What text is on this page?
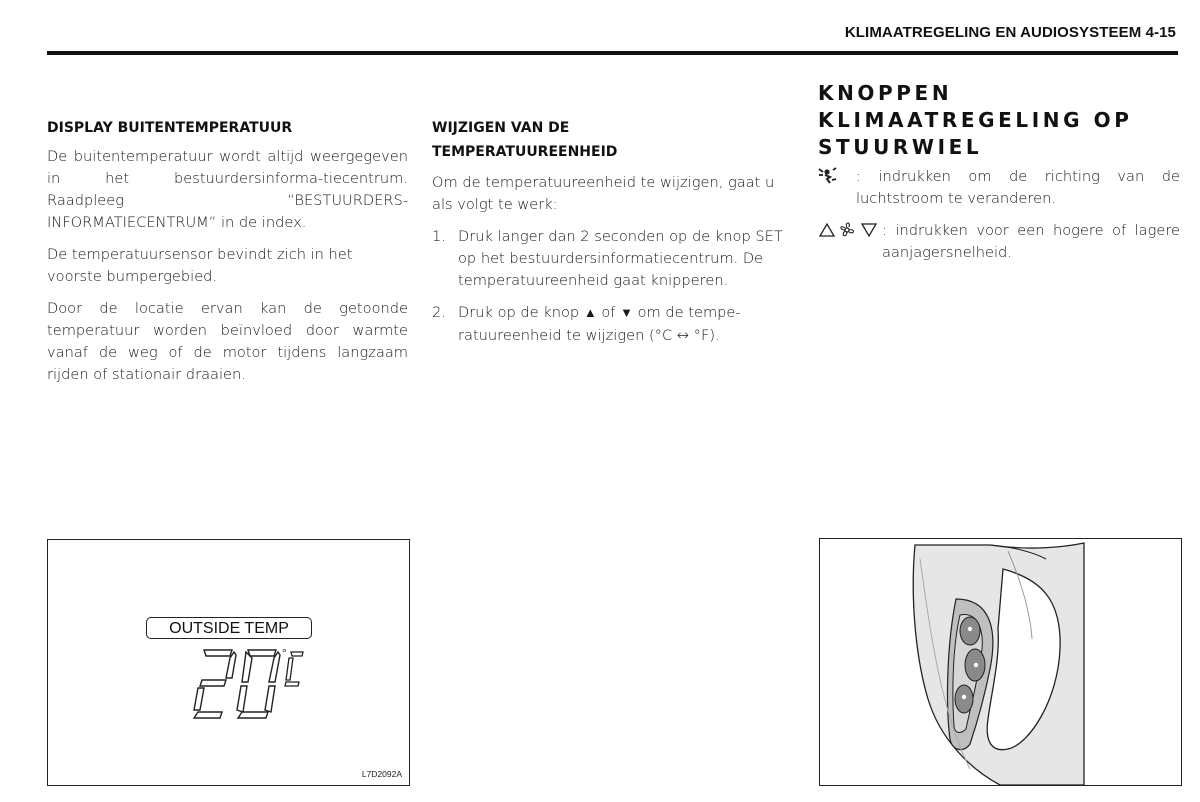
KLIMAATREGELING EN AUDIOSYSTEEM 4-15
DISPLAY BUITENTEMPERATUUR

De buitentemperatuur wordt altijd weergegeven in het bestuurdersinforma-tiecentrum. Raadpleeg “BESTUURDERS-INFORMATIECENTRUM” in de index.

De temperatuursensor bevindt zich in het voorste bumpergebied.

Door de locatie ervan kan de getoonde temperatuur worden beïnvloed door warmte vanaf de weg of de motor tijdens langzaam rijden of stationair draaien.

WIJZIGEN VAN DE
TEMPERATUUREENHEID

Om de temperatuureenheid te wijzigen, gaat u als volgt te werk:

1. Druk langer dan 2 seconden op de knop SET op het bestuurdersinformatiecentrum. De temperatuureenheid gaat knipperen.
2. Druk op de knop ▲ of ▼ om de tempe-ratuureenheid te wijzigen (°C ↔ °F).
KNOPPEN
KLIMAATREGELING OP
STUURWIEL
: indrukken om de richting van de luchtstroom te veranderen.
: indrukken voor een hogere of lagere aanjagersnelheid.
OUTSIDE TEMP
°
L7D2092A
